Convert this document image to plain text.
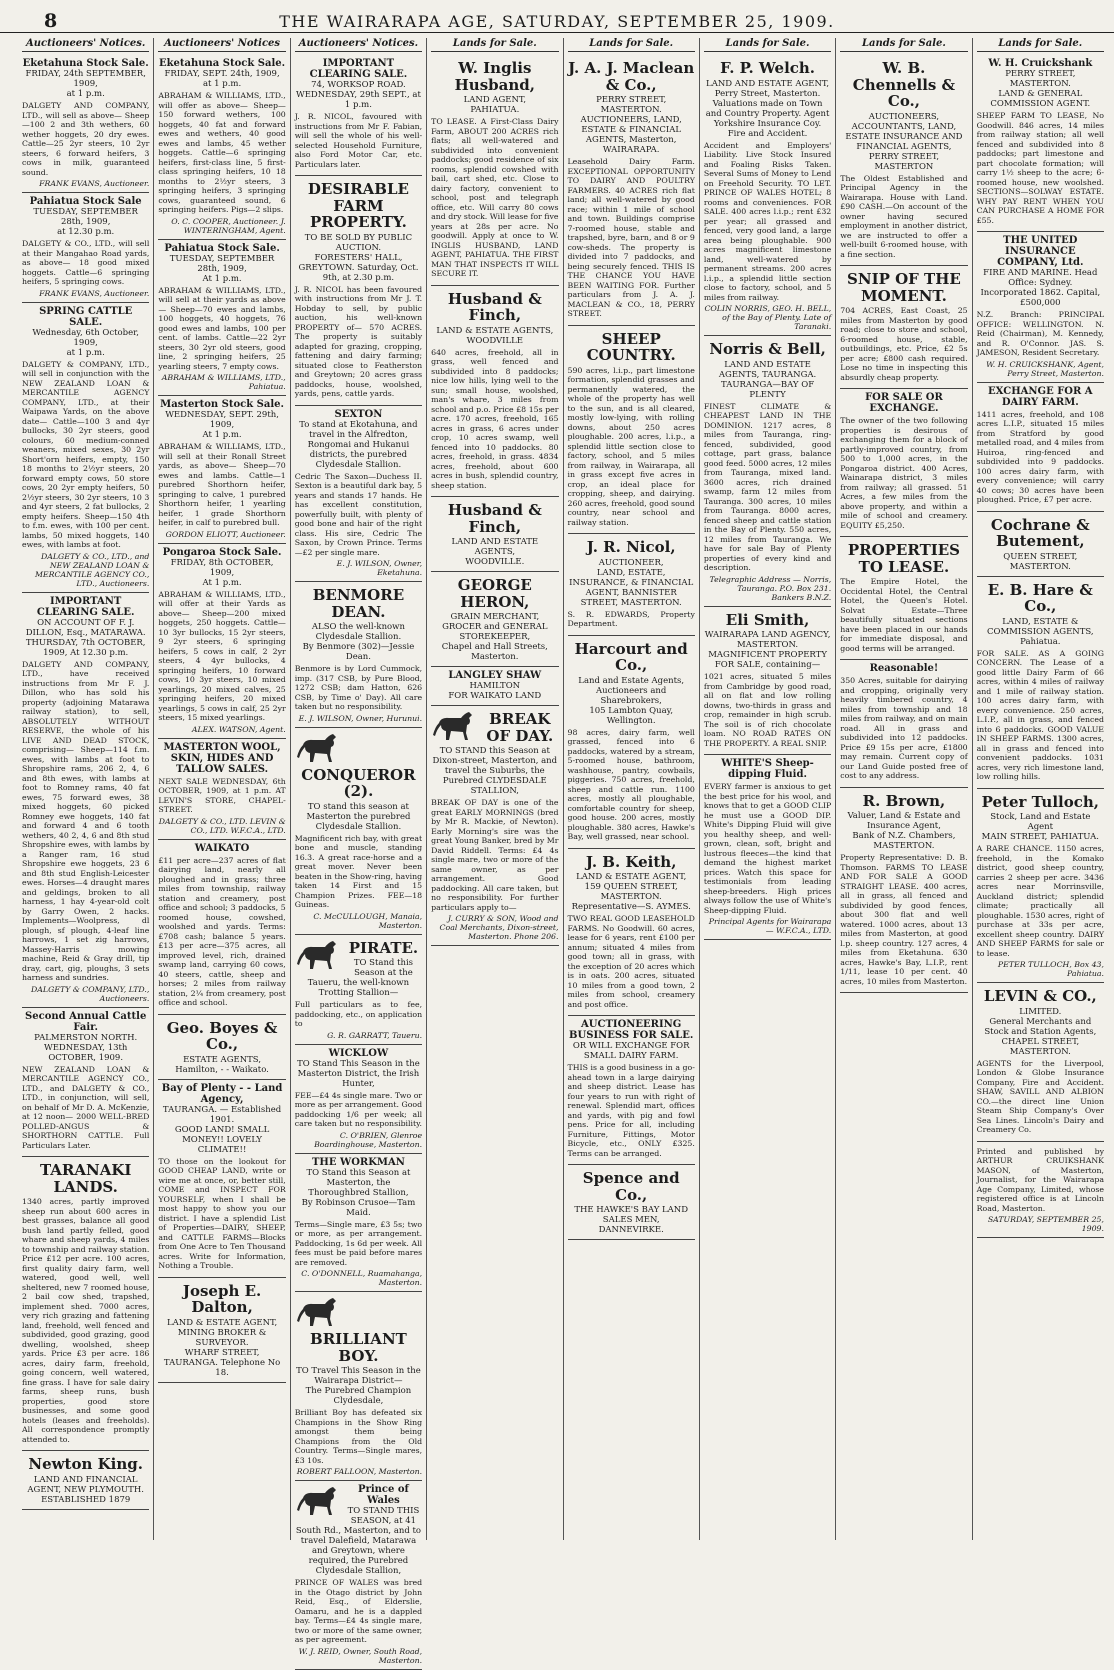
8	THE WAIRARAPA AGE, SATURDAY, SEPTEMBER 25, 1909.
Auctioneers' Notices.
Eketahuna Stock Sale.
FRIDAY, 24th SEPTEMBER, 1909,
at 1 p.m.
DALGETY AND COMPANY, LTD., will sell as above— Sheep—100 2 and 3th wethers, 60 wether hoggets, 20 dry ewes. Cattle—25 2yr steers, 10 2yr steers, 6 forward heifers, 3 cows in milk, guaranteed sound.
FRANK EVANS, Auctioneer.
Pahiatua Stock Sale
TUESDAY, SEPTEMBER 28th, 1909,
at 12.30 p.m.
DALGETY & CO., LTD., will sell at their Mangahao Road yards, as above— 18 good mixed hoggets. Cattle—6 springing heifers, 5 springing cows.
FRANK EVANS, Auctioneer.
SPRING CATTLE SALE.
Wednesday, 6th October, 1909,
at 1 p.m.
DALGETY & COMPANY, LTD., will sell in conjunction with the NEW ZEALAND LOAN & MERCANTILE AGENCY COMPANY, LTD., at their Waipawa Yards, on the above date— Cattle—100 3 and 4yr bullocks, 30 2yr steers, good colours, 60 medium-conned weaners, mixed sexes, 30 2yr Short'orn heifers, empty, 150 18 months to 2½yr steers, 20 forward empty cows, 50 store cows, 20 2yr empty heifers, 50 2½yr steers, 30 2yr steers, 10 3 and 4yr steers, 2 fat bullocks, 2 empty heifers. Sheep—150 4th to f.m. ewes, with 100 per cent. lambs, 50 mixed hoggets, 140 ewes, with lambs at foot.
DALGETY & CO., LTD., and NEW ZEALAND LOAN & MERCANTILE AGENCY CO., LTD., Auctioneers.
IMPORTANT CLEARING SALE.
ON ACCOUNT OF F. J. DILLON, Esq., MATARAWA.
THURSDAY, 7th OCTOBER, 1909, At 12.30 p.m.
DALGETY AND COMPANY, LTD., have received instructions from Mr F. J. Dillon, who has sold his property (adjoining Matarawa railway station), to sell, ABSOLUTELY WITHOUT RESERVE, the whole of his LIVE AND DEAD STOCK, comprising— Sheep—114 f.m. ewes, with lambs at foot to Shropshire rams, 206 2, 4, 6 and 8th ewes, with lambs at foot to Romney rams, 40 fat ewes, 75 forward ewes, 38 mixed hoggets, 60 picked Romney ewe hoggets, 140 fat and forward 4 and 6 tooth wethers, 40 2, 4, 6 and 8th stud Shropshire ewes, with lambs by a Ranger ram, 16 stud Shropshire ewe hoggets, 23 6 and 8th stud English-Leicester ewes. Horses—4 draught mares and geldings, broken to all harness, 1 hay 4-year-old colt by Garry Owen, 2 hacks. Implements—Woolpress, dl plough, sf plough, 4-leaf line harrows, 1 set zig harrows, Massey-Harris mowing machine, Reid & Gray drill, tip dray, cart, gig, ploughs, 3 sets harness and sundries.
DALGETY & COMPANY, LTD., Auctioneers.
Second Annual Cattle Fair.
PALMERSTON NORTH.
WEDNESDAY, 13th OCTOBER, 1909.
NEW ZEALAND LOAN & MERCANTILE AGENCY CO., LTD., and DALGETY & CO., LTD., in conjunction, will sell, on behalf of Mr D. A. McKenzie, at 12 noon— 2000 WELL-BRED POLLED-ANGUS & SHORTHORN CATTLE. Full Particulars Later.
TARANAKI LANDS.
1340 acres, partly improved sheep run about 600 acres in best grasses, balance all good bush land partly felled, good whare and sheep yards, 4 miles to township and railway station. Price £12 per acre. 100 acres, first quality dairy farm, well watered, good well, well sheltered, new 7 roomed house, 2 bail cow shed, trapshed, implement shed. 7000 acres, very rich grazing and fattening land, freehold, well fenced and subdivided, good grazing, good dwelling, woolshed, sheep yards. Price £3 per acre. 186 acres, dairy farm, freehold, going concern, well watered, fine grass. I have for sale dairy farms, sheep runs, bush properties, good store businesses, and some good hotels (leases and freeholds). All correspondence promptly attended to.
Newton King.
LAND AND FINANCIAL AGENT, NEW PLYMOUTH.
ESTABLISHED 1879
Auctioneers' Notices
Eketahuna Stock Sale.
FRIDAY, SEPT. 24th, 1909,
at 1 p.m.
ABRAHAM & WILLIAMS, LTD., will offer as above— Sheep—150 forward wethers, 100 hoggets, 40 fat and forward ewes and wethers, 40 good ewes and lambs, 45 wether hoggets. Cattle—6 springing heifers, first-class line, 5 first-class springing heifers, 10 18 months to 2½yr steers, 3 springing heifers, 3 springing cows, guaranteed sound, 6 springing heifers. Pigs—2 slips.
O. C. COOPER, Auctioneer. J. WINTERINGHAM, Agent.
Pahiatua Stock Sale.
TUESDAY, SEPTEMBER 28th, 1909,
At 1 p.m.
ABRAHAM & WILLIAMS, LTD., will sell at their yards as above— Sheep—70 ewes and lambs, 100 hoggets, 40 hoggets, 76 good ewes and lambs, 100 per cent. of lambs. Cattle—22 2yr steers, 30 2yr old steers, good line, 2 springing heifers, 25 yearling steers, 7 empty cows.
ABRAHAM & WILLIAMS, LTD., Pahiatua.
Masterton Stock Sale.
WEDNESDAY, SEPT. 29th, 1909,
At 1 p.m.
ABRAHAM & WILLIAMS, LTD., will sell at their Ronall Street yards, as above— Sheep—70 ewes and lambs. Cattle—1 purebred Shorthorn heifer, springing to calve, 1 purebred Shorthorn heifer, 1 yearling heifer, 1 grade Shorthorn heifer, in calf to purebred bull.
GORDON ELIOTT, Auctioneer.
Pongaroa Stock Sale.
FRIDAY, 8th OCTOBER, 1909,
At 1 p.m.
ABRAHAM & WILLIAMS, LTD., will offer at their Yards as above— Sheep—200 mixed hoggets, 250 hoggets. Cattle—10 3yr bullocks, 15 2yr steers, 9 2yr steers, 6 springing heifers, 5 cows in calf, 2 2yr steers, 4 4yr bullocks, 4 springing heifers, 10 forward cows, 10 3yr steers, 10 mixed yearlings, 20 mixed calves, 25 springing heifers, 20 mixed yearlings, 5 cows in calf, 25 2yr steers, 15 mixed yearlings.
ALEX. WATSON, Agent.
MASTERTON WOOL, SKIN, HIDES AND TALLOW SALES.
NEXT SALE WEDNESDAY, 6th OCTOBER, 1909, at 1 p.m. AT LEVIN'S STORE, CHAPEL-STREET.
DALGETY & CO., LTD. LEVIN & CO., LTD. W.F.C.A., LTD.
WAIKATO
£11 per acre—237 acres of flat dairying land, nearly all ploughed and in grass; three miles from township, railway station and creamery, post office and school; 3 paddocks, 5 roomed house, cowshed, woolshed and yards. Terms: £708 cash; balance 5 years. £13 per acre—375 acres, all improved level, rich, drained swamp land, carrying 60 cows, 40 steers, cattle, sheep and horses; 2 miles from railway station, 2¼ from creamery, post office and school.
Geo. Boyes & Co.,
ESTATE AGENTS,
Hamilton, - - Waikato.
Bay of Plenty - - Land Agency,
TAURANGA. — Established 1901.
GOOD LAND! SMALL MONEY!! LOVELY CLIMATE!!
TO those on the lookout for GOOD CHEAP LAND, write or wire me at once, or, better still, COME and INSPECT FOR YOURSELF, when I shall be most happy to show you our district. I have a splendid List of Properties—DAIRY, SHEEP, and CATTLE FARMS—Blocks from One Acre to Ten Thousand acres. Write for Information, Nothing a Trouble.
Joseph E. Dalton,
LAND & ESTATE AGENT, MINING BROKER & SURVEYOR.
WHARF STREET, TAURANGA. Telephone No 18.
Auctioneers' Notices.
IMPORTANT CLEARING SALE.
74, WORKSOP ROAD.
WEDNESDAY, 29th SEPT., at 1 p.m.
J. R. NICOL, favoured with instructions from Mr F. Fabian, will sell the whole of his well-selected Household Furniture, also Ford Motor Car, etc. Particulars later.
DESIRABLE FARM PROPERTY.
TO BE SOLD BY PUBLIC AUCTION.
FORESTERS' HALL, GREYTOWN. Saturday, Oct. 9th, at 2.30 p.m.
J. R. NICOL has been favoured with instructions from Mr J. T. Hobday to sell, by public auction, his well-known PROPERTY of— 570 ACRES. The property is suitably adapted for grazing, cropping, fattening and dairy farming; situated close to Featherston and Greytown; 20 acres grass paddocks, house, woolshed, yards, pens, cattle yards.
SEXTON
To stand at Ekotahuna, and travel in the Alfredton, Rongomai and Hukanui districts, the purebred Clydesdale Stallion.
Cedric The Saxon—Duchess II. Sexton is a beautiful dark bay, 5 years and stands 17 hands. He has excellent constitution, powerfully built, with plenty of good bone and hair of the right class. His sire, Cedric The Saxon, by Crown Prince. Terms—£2 per single mare.
E. J. WILSON, Owner, Eketahuna.
BENMORE DEAN.
ALSO the well-known Clydesdale Stallion.
By Benmore (302)—Jessie Dean.
Benmore is by Lord Cummock, imp. (317 CSB, by Pure Blood, 1272 CSB; dam Hatton, 626 CSB, by Time o' Day). All care taken but no responsibility.
E. J. WILSON, Owner, Hurunui.
CONQUEROR (2).
TO stand this season at Masterton the purebred Clydesdale Stallion.
Magnificent rich bay, with great bone and muscle, standing 16.3. A great race-horse and a great mover. Never been beaten in the Show-ring, having taken 14 First and 15 Champion Prizes. FEE—18 Guineas.
C. McCULLOUGH, Manaia, Masterton.
PIRATE.
TO Stand this Season at the Taueru, the well-known Trotting Stallion—
Full particulars as to fee, paddocking, etc., on application to
G. R. GARRATT, Taueru.
WICKLOW
TO Stand This Season in the Masterton District, the Irish Hunter,
FEE—£4 4s single mare. Two or more as per arrangement. Good paddocking 1/6 per week; all care taken but no responsibility.
C. O'BRIEN, Glenroe Boardinghouse, Masterton.
THE WORKMAN
TO Stand this Season at Masterton, the Thoroughbred Stallion,
By Robinson Crusoe—Tam Maid.
Terms—Single mare, £3 5s; two or more, as per arrangement. Paddocking, 1s 6d per week. All fees must be paid before mares are removed.
C. O'DONNELL, Ruamahanga, Masterton.
BRILLIANT BOY.
TO Travel This Season in the Wairarapa District—
The Purebred Champion Clydesdale,
Brilliant Boy has defeated six Champions in the Show Ring amongst them being Champions from the Old Country. Terms—Single mares, £3 10s.
ROBERT FALLOON, Masterton.
Prince of Wales
TO STAND THIS SEASON, at 41 South Rd., Masterton, and to travel Dalefield, Matarawa and Greytown, where required, the Purebred Clydesdale Stallion,
PRINCE OF WALES was bred in the Otago district by John Reid, Esq., of Elderslie, Oamaru, and he is a dappled bay. Terms—£4 4s single mare, two or more of the same owner, as per agreement.
W. J. REID, Owner, South Road, Masterton.
Lands for Sale.
W. Inglis Husband,
LAND AGENT,
PAHIATUA.
TO LEASE. A First-Class Dairy Farm, ABOUT 200 ACRES rich flats; all well-watered and subdivided into convenient paddocks; good residence of six rooms, splendid cowshed with bail, cart shed, etc. Close to dairy factory, convenient to school, post and telegraph office, etc. Will carry 80 cows and dry stock. Will lease for five years at 28s per acre. No goodwill. Apply at once to W. INGLIS HUSBAND, LAND AGENT, PAHIATUA. THE FIRST MAN THAT INSPECTS IT WILL SECURE IT.
Husband & Finch,
LAND & ESTATE AGENTS,
WOODVILLE
640 acres, freehold, all in grass, well fenced and subdivided into 8 paddocks; nice low hills, lying well to the sun; small house, woolshed, man's whare, 3 miles from school and p.o. Price £8 15s per acre. 170 acres, freehold, 165 acres in grass, 6 acres under crop, 10 acres swamp, well fenced into 10 paddocks. 80 acres, freehold, in grass. 4834 acres, freehold, about 600 acres in bush, splendid country, sheep station.
Husband & Finch,
LAND AND ESTATE AGENTS,
WOODVILLE.
GEORGE HERON,
GRAIN MERCHANT, GROCER and GENERAL STOREKEEPER,
Chapel and Hall Streets, Masterton.
LANGLEY SHAW
HAMILTON
FOR WAIKATO LAND
BREAK OF DAY.
TO STAND this Season at Dixon-street, Masterton, and travel the Suburbs, the Purebred CLYDESDALE STALLION,
BREAK OF DAY is one of the great EARLY MORNINGS (bred by Mr R. Mackie, of Newton). Early Morning's sire was the great Young Banker, bred by Mr David Riddell. Terms: £4 4s single mare, two or more of the same owner, as per arrangement. Good paddocking. All care taken, but no responsibility. For further particulars apply to—
J. CURRY & SON, Wood and Coal Merchants, Dixon-street, Masterton. Phone 206.
Lands for Sale.
J. A. J. Maclean & Co.,
PERRY STREET, MASTERTON.
AUCTIONEERS, LAND, ESTATE & FINANCIAL AGENTS, Masterton, WAIRARAPA.
Leasehold Dairy Farm. EXCEPTIONAL OPPORTUNITY TO DAIRY AND POULTRY FARMERS. 40 ACRES rich flat land; all well-watered by good race; within 1 mile of school and town. Buildings comprise 7-roomed house, stable and trapshed, byre, barn, and 8 or 9 cow-sheds. The property is divided into 7 paddocks, and being securely fenced. THIS IS THE CHANCE YOU HAVE BEEN WAITING FOR. Further particulars from J. A. J. MACLEAN & CO., 18, PERRY STREET.
SHEEP COUNTRY.
590 acres, l.i.p., part limestone formation, splendid grasses and permanently watered, the whole of the property has well to the sun, and is all cleared, mostly low-lying, with rolling downs, about 250 acres ploughable. 200 acres, l.i.p., a splendid little section close to factory, school, and 5 miles from railway, in Wairarapa, all in grass except five acres in crop, an ideal place for cropping, sheep, and dairying. 260 acres, freehold, good sound country, near school and railway station.
J. R. Nicol,
AUCTIONEER,
LAND, ESTATE, INSURANCE, & FINANCIAL AGENT, BANNISTER STREET, MASTERTON.
S. R. EDWARDS, Property Department.
Harcourt and Co.,
Land and Estate Agents, Auctioneers and Sharebrokers,
105 Lambton Quay, Wellington.
98 acres, dairy farm, well grassed, fenced into 6 paddocks, watered by a stream, 5-roomed house, bathroom, washhouse, pantry, cowbails, piggeries. 750 acres, freehold, sheep and cattle run. 1100 acres, mostly all ploughable, comfortable country for sheep, good house. 200 acres, mostly ploughable. 380 acres, Hawke's Bay, well grassed, near school.
J. B. Keith,
LAND & ESTATE AGENT,
159 QUEEN STREET, MASTERTON. Representative—S. AYMES.
TWO REAL GOOD LEASEHOLD FARMS. No Goodwill. 60 acres, lease for 6 years, rent £100 per annum; situated 4 miles from good town; all in grass, with the exception of 20 acres which is in oats. 200 acres, situated 10 miles from a good town, 2 miles from school, creamery and post office.
AUCTIONEERING BUSINESS FOR SALE.
OR WILL EXCHANGE FOR SMALL DAIRY FARM.
THIS is a good business in a go-ahead town in a large dairying and sheep district. Lease has four years to run with right of renewal. Splendid mart, offices and yards, with pig and fowl pens. Price for all, including Furniture, Fittings, Motor Bicycle, etc., ONLY £325. Terms can be arranged.
Spence and Co.,
THE HAWKE'S BAY LAND SALES MEN,
DANNEVIRKE.
Lands for Sale.
F. P. Welch.
LAND AND ESTATE AGENT, Perry Street, Masterton.
Valuations made on Town and Country Property. Agent Yorkshire Insurance Coy. Fire and Accident.
Accident and Employers' Liability. Live Stock Insured and Foaling Risks Taken. Several Sums of Money to Lend on Freehold Security. TO LET. PRINCE OF WALES HOTEL; 8 rooms and conveniences. FOR SALE. 400 acres l.i.p.; rent £32 per year; all grassed and fenced, very good land, a large area being ploughable. 900 acres magnificent limestone land, well-watered by permanent streams. 200 acres l.i.p., a splendid little section close to factory, school, and 5 miles from railway.
COLIN NORRIS, GEO. H. BELL, of the Bay of Plenty. Late of Taranaki.
Norris & Bell,
LAND AND ESTATE AGENTS, TAURANGA.
TAURANGA—BAY OF PLENTY
FINEST CLIMATE & CHEAPEST LAND IN THE DOMINION. 1217 acres, 8 miles from Tauranga, ring-fenced, subdivided, good cottage, part grass, balance good feed. 5000 acres, 12 miles from Tauranga, mixed land. 3600 acres, rich drained swamp, farm 12 miles from Tauranga. 300 acres, 10 miles from Tauranga. 8000 acres, fenced sheep and cattle station in the Bay of Plenty. 550 acres, 12 miles from Tauranga. We have for sale Bay of Plenty properties of every kind and description.
Telegraphic Address — Norris, Tauranga. P.O. Box 231. Bankers B.N.Z.
Eli Smith,
WAIRARAPA LAND AGENCY, MASTERTON.
MAGNIFICENT PROPERTY FOR SALE, containing—
1021 acres, situated 5 miles from Cambridge by good road, all on flat and low rolling downs, two-thirds in grass and crop, remainder in high scrub. The soil is of rich chocolate loam. NO ROAD RATES ON THE PROPERTY. A REAL SNIP.
WHITE'S Sheep-dipping Fluid.
EVERY farmer is anxious to get the best price for his wool, and knows that to get a GOOD CLIP he must use a GOOD DIP. White's Dipping Fluid will give you healthy sheep, and well-grown, clean, soft, bright and lustrous fleeces—the kind that demand the highest market prices. Watch this space for testimonials from leading sheep-breeders. High prices always follow the use of White's Sheep-dipping Fluid.
Principal Agents for Wairarapa— W.F.C.A., LTD.
Lands for Sale.
W. B. Chennells & Co.,
AUCTIONEERS, ACCOUNTANTS, LAND, ESTATE INSURANCE AND FINANCIAL AGENTS,
PERRY STREET, MASTERTON
The Oldest Established and Principal Agency in the Wairarapa. House with Land. £90 CASH.—On account of the owner having secured employment in another district, we are instructed to offer a well-built 6-roomed house, with a fine section.
SNIP OF THE MOMENT.
704 ACRES, East Coast, 25 miles from Masterton by good road; close to store and school, 6-roomed house, stable, outbuildings, etc. Price, £2 5s per acre; £800 cash required. Lose no time in inspecting this absurdly cheap property.
FOR SALE OR EXCHANGE.
The owner of the two following properties is desirous of exchanging them for a block of partly-improved country, from 500 to 1,000 acres, in the Pongaroa district. 400 Acres, Wainarapa district, 3 miles from railway; all grassed. 51 Acres, a few miles from the above property, and within a mile of school and creamery. EQUITY £5,250.
PROPERTIES TO LEASE.
The Empire Hotel, the Occidental Hotel, the Central Hotel, the Queen's Hotel. Solvat Estate—Three beautifully situated sections have been placed in our hands for immediate disposal, and good terms will be arranged.
Reasonable!
350 Acres, suitable for dairying and cropping, originally very heavily timbered country, 4 miles from township and 18 miles from railway, and on main road. All in grass and subdivided into 12 paddocks. Price £9 15s per acre, £1800 may remain. Current copy of our Land Guide posted free of cost to any address.
R. Brown,
Valuer, Land & Estate and Insurance Agent,
Bank of N.Z. Chambers, MASTERTON.
Property Representative: D. B. Thomson. FARMS TO LEASE AND FOR SALE A GOOD STRAIGHT LEASE. 400 acres, all in grass, all fenced and subdivided by good fences, about 300 flat and well watered. 1000 acres, about 13 miles from Masterton, at good l.p. sheep country. 127 acres, 4 miles from Eketahuna. 630 acres, Hawke's Bay, L.I.P., rent 1/11, lease 10 per cent. 40 acres, 10 miles from Masterton.
Lands for Sale.
W. H. Cruickshank
PERRY STREET, MASTERTON.
LAND & GENERAL COMMISSION AGENT.
SHEEP FARM TO LEASE, No Goodwill. 846 acres, 14 miles from railway station; all well fenced and subdivided into 8 paddocks; part limestone and part chocolate formation; will carry 1½ sheep to the acre; 6-roomed house, new woolshed. SECTIONS—SOLWAY ESTATE. WHY PAY RENT WHEN YOU CAN PURCHASE A HOME FOR £55.
THE UNITED INSURANCE COMPANY, Ltd.
FIRE AND MARINE. Head Office: Sydney.
Incorporated 1862. Capital, £500,000
N.Z. Branch: PRINCIPAL OFFICE: WELLINGTON. N. Reid (Chairman), M. Kennedy, and R. O'Connor. JAS. S. JAMESON, Resident Secretary.
W. H. CRUICKSHANK, Agent, Perry Street, Masterton.
EXCHANGE FOR A DAIRY FARM.
1411 acres, freehold, and 108 acres L.I.P., situated 15 miles from Stratford by good metalled road, and 4 miles from Huiroa, ring-fenced and subdivided into 9 paddocks. 100 acres dairy farm, with every convenience; will carry 40 cows; 30 acres have been ploughed. Price, £7 per acre.
Cochrane & Butement,
QUEEN STREET, MASTERTON.
E. B. Hare & Co.,
LAND, ESTATE & COMMISSION AGENTS,
Pahiatua.
FOR SALE. AS A GOING CONCERN. The Lease of a good little Dairy Farm of 66 acres, within 4 miles of railway and 1 mile of railway station. 100 acres dairy farm, with every convenience. 250 acres, L.I.P., all in grass, and fenced into 6 paddocks. GOOD VALUE IN SHEEP FARMS. 1300 acres, all in grass and fenced into convenient paddocks. 1031 acres, very rich limestone land, low rolling hills.
Peter Tulloch,
Stock, Land and Estate Agent
MAIN STREET, PAHIATUA.
A RARE CHANCE. 1150 acres, freehold, in the Komako district, good sheep country, carries 2 sheep per acre. 3436 acres near Morrinsville, Auckland district; splendid climate; practically all ploughable. 1530 acres, right of purchase at 33s per acre, excellent sheep country. DAIRY AND SHEEP FARMS for sale or to lease.
PETER TULLOCH, Box 43, Pahiatua.
LEVIN & CO.,
LIMITED.
General Merchants and Stock and Station Agents, CHAPEL STREET, MASTERTON.
AGENTS for the Liverpool, London & Globe Insurance Company, Fire and Accident. SHAW, SAVILL AND ALBION CO.—the direct line Union Steam Ship Company's Over Sea Lines. Lincoln's Dairy and Creamery Co.
Printed and published by ARTHUR CRUIKSHANK MASON, of Masterton, Journalist, for the Wairarapa Age Company, Limited, whose registered office is at Lincoln Road, Masterton.
SATURDAY, SEPTEMBER 25, 1909.
